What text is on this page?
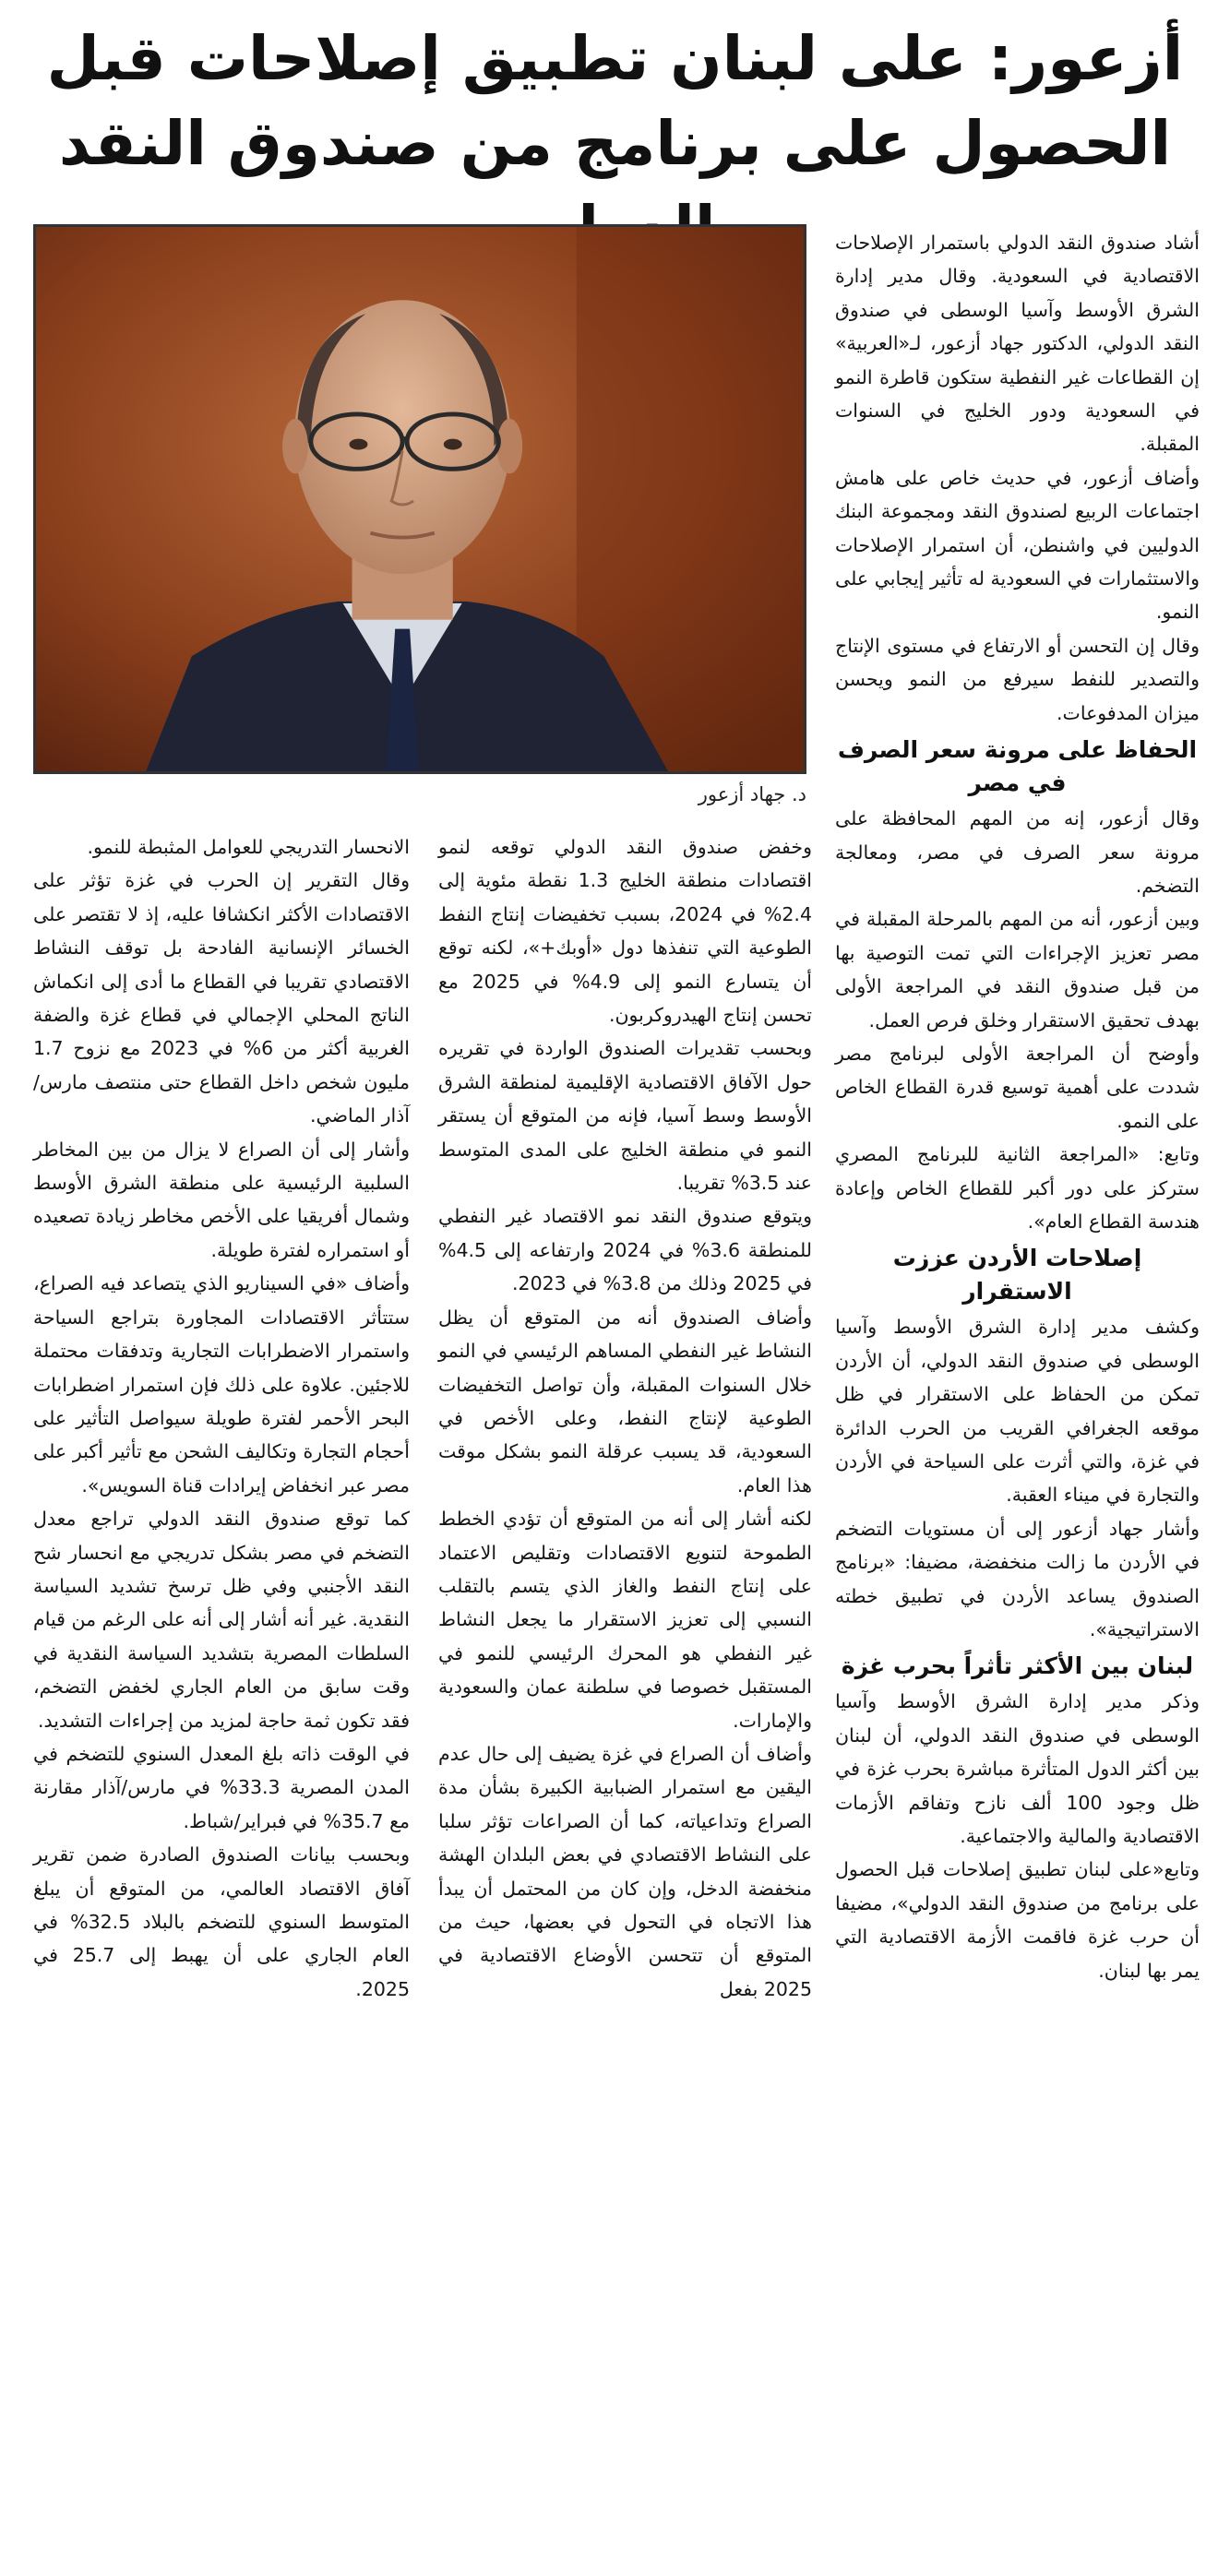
أزعور: على لبنان تطبيق إصلاحات قبل
الحصول على برنامج من صندوق النقد
د. جهاد أزعور

أشاد صندوق النقد الدولي باستمرار الإصلاحات الاقتصادية في السعودية. وقال مدير إدارة الشرق الأوسط وآسيا الوسطى في صندوق النقد الدولي، الدكتور جهاد أزعور، لـ«العربية» إن القطاعات غير النفطية ستكون قاطرة النمو في السعودية ودور الخليج في السنوات المقبلة.

وأضاف أزعور، في حديث خاص على هامش اجتماعات الربيع لصندوق النقد ومجموعة البنك الدوليين في واشنطن، أن استمرار الإصلاحات والاستثمارات في السعودية له تأثير إيجابي على النمو.

وقال إن التحسن أو الارتفاع في مستوى الإنتاج والتصدير للنفط سيرفع من النمو ويحسن ميزان المدفوعات.

الحفاظ على مرونة سعر الصرف في مصر

وقال أزعور، إنه من المهم المحافظة على مرونة سعر الصرف في مصر، ومعالجة التضخم.

وبين أزعور، أنه من المهم بالمرحلة المقبلة في مصر تعزيز الإجراءات التي تمت التوصية بها من قبل صندوق النقد في المراجعة الأولى بهدف تحقيق الاستقرار وخلق فرص العمل.

وأوضح أن المراجعة الأولى لبرنامج مصر شددت على أهمية توسيع قدرة القطاع الخاص على النمو.

وتابع: «المراجعة الثانية للبرنامج المصري ستركز على دور أكبر للقطاع الخاص وإعادة هندسة القطاع العام».

إصلاحات الأردن عززت الاستقرار

وكشف مدير إدارة الشرق الأوسط وآسيا الوسطى في صندوق النقد الدولي، أن الأردن تمكن من الحفاظ على الاستقرار في ظل موقعه الجغرافي القريب من الحرب الدائرة في غزة، والتي أثرت على السياحة في الأردن والتجارة في ميناء العقبة.

وأشار جهاد أزعور إلى أن مستويات التضخم في الأردن ما زالت منخفضة، مضيفا: «برنامج الصندوق يساعد الأردن في تطبيق خطته الاستراتيجية».

لبنان بين الأكثر تأثراً بحرب غزة

وذكر مدير إدارة الشرق الأوسط وآسيا الوسطى في صندوق النقد الدولي، أن لبنان بين أكثر الدول المتأثرة مباشرة بحرب غزة في ظل وجود 100 ألف نازح وتفاقم الأزمات الاقتصادية والمالية والاجتماعية.

وتابع«على لبنان تطبيق إصلاحات قبل الحصول على برنامج من صندوق النقد الدولي»، مضيفا أن حرب غزة فاقمت الأزمة الاقتصادية التي يمر بها لبنان.

وخفض صندوق النقد الدولي توقعه لنمو اقتصادات منطقة الخليج 1.3 نقطة مئوية إلى 2.4% في 2024، بسبب تخفيضات إنتاج النفط الطوعية التي تنفذها دول «أوبك+»، لكنه توقع أن يتسارع النمو إلى 4.9% في 2025 مع تحسن إنتاج الهيدروكربون.

وبحسب تقديرات الصندوق الواردة في تقريره حول الآفاق الاقتصادية الإقليمية لمنطقة الشرق الأوسط وسط آسيا، فإنه من المتوقع أن يستقر النمو في منطقة الخليج على المدى المتوسط عند 3.5% تقريبا.

ويتوقع صندوق النقد نمو الاقتصاد غير النفطي للمنطقة 3.6% في 2024 وارتفاعه إلى 4.5% في 2025 وذلك من 3.8% في 2023.

وأضاف الصندوق أنه من المتوقع أن يظل النشاط غير النفطي المساهم الرئيسي في النمو خلال السنوات المقبلة، وأن تواصل التخفيضات الطوعية لإنتاج النفط، وعلى الأخص في السعودية، قد يسبب عرقلة النمو بشكل موقت هذا العام.

لكنه أشار إلى أنه من المتوقع أن تؤدي الخطط الطموحة لتنويع الاقتصادات وتقليص الاعتماد على إنتاج النفط والغاز الذي يتسم بالتقلب النسبي إلى تعزيز الاستقرار ما يجعل النشاط غير النفطي هو المحرك الرئيسي للنمو في المستقبل خصوصا في سلطنة عمان والسعودية والإمارات.

وأضاف أن الصراع في غزة يضيف إلى حال عدم اليقين مع استمرار الضبابية الكبيرة بشأن مدة الصراع وتداعياته، كما أن الصراعات تؤثر سلبا على النشاط الاقتصادي في بعض البلدان الهشة منخفضة الدخل، وإن كان من المحتمل أن يبدأ هذا الاتجاه في التحول في بعضها، حيث من المتوقع أن تتحسن الأوضاع الاقتصادية في 2025 بفعل

الانحسار التدريجي للعوامل المثبطة للنمو.

وقال التقرير إن الحرب في غزة تؤثر على الاقتصادات الأكثر انكشافا عليه، إذ لا تقتصر على الخسائر الإنسانية الفادحة بل توقف النشاط الاقتصادي تقريبا في القطاع ما أدى إلى انكماش الناتج المحلي الإجمالي في قطاع غزة والضفة الغربية أكثر من 6% في 2023 مع نزوح 1.7 مليون شخص داخل القطاع حتى منتصف مارس/آذار الماضي.

وأشار إلى أن الصراع لا يزال من بين المخاطر السلبية الرئيسية على منطقة الشرق الأوسط وشمال أفريقيا على الأخص مخاطر زيادة تصعيده أو استمراره لفترة طويلة.

وأضاف «في السيناريو الذي يتصاعد فيه الصراع، ستتأثر الاقتصادات المجاورة بتراجع السياحة واستمرار الاضطرابات التجارية وتدفقات محتملة للاجئين. علاوة على ذلك فإن استمرار اضطرابات البحر الأحمر لفترة طويلة سيواصل التأثير على أحجام التجارة وتكاليف الشحن مع تأثير أكبر على مصر عبر انخفاض إيرادات قناة السويس».

كما توقع صندوق النقد الدولي تراجع معدل التضخم في مصر بشكل تدريجي مع انحسار شح النقد الأجنبي وفي ظل ترسخ تشديد السياسة النقدية. غير أنه أشار إلى أنه على الرغم من قيام السلطات المصرية بتشديد السياسة النقدية في وقت سابق من العام الجاري لخفض التضخم، فقد تكون ثمة حاجة لمزيد من إجراءات التشديد.

في الوقت ذاته بلغ المعدل السنوي للتضخم في المدن المصرية 33.3% في مارس/آذار مقارنة مع 35.7% في فبراير/شباط.

وبحسب بيانات الصندوق الصادرة ضمن تقرير آفاق الاقتصاد العالمي، من المتوقع أن يبلغ المتوسط السنوي للتضخم بالبلاد 32.5% في العام الجاري على أن يهبط إلى 25.7 في 2025.
